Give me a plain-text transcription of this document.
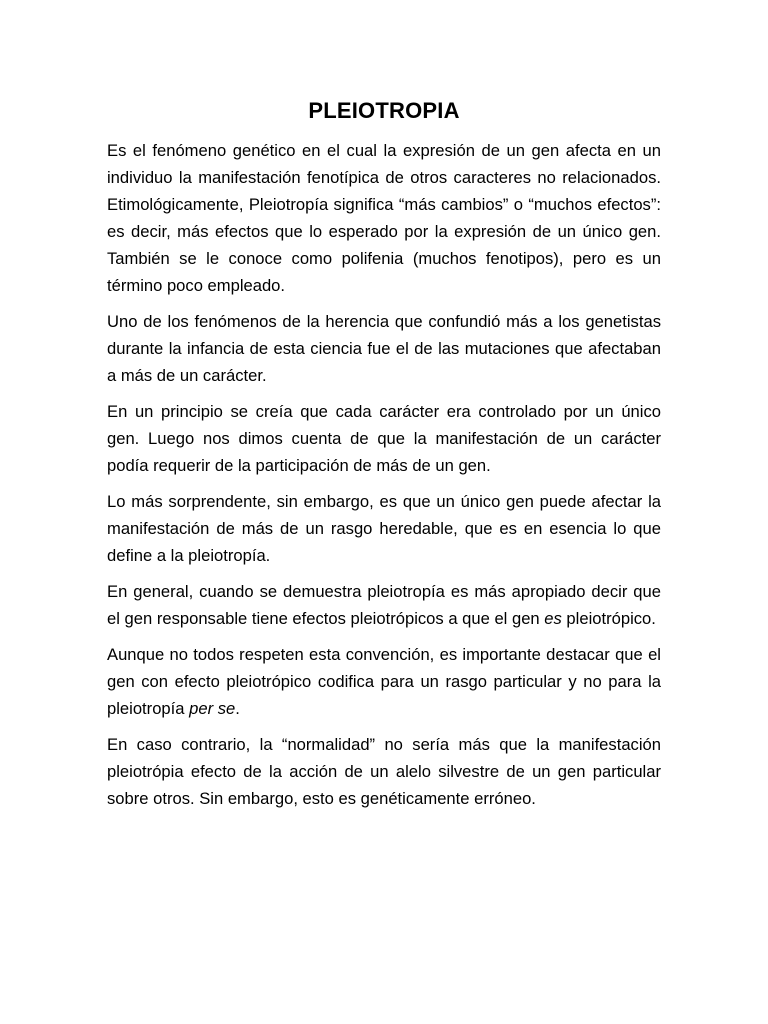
PLEIOTROPIA

Es el fenómeno genético en el cual la expresión de un gen afecta en un individuo la manifestación fenotípica de otros caracteres no relacionados. Etimológicamente, Pleiotropía significa “más cambios” o “muchos efectos”: es decir, más efectos que lo esperado por la expresión de un único gen. También se le conoce como polifenia (muchos fenotipos), pero es un término poco empleado.

Uno de los fenómenos de la herencia que confundió más a los genetistas durante la infancia de esta ciencia fue el de las mutaciones que afectaban a más de un carácter.

En un principio se creía que cada carácter era controlado por un único gen. Luego nos dimos cuenta de que la manifestación de un carácter podía requerir de la participación de más de un gen.

Lo más sorprendente, sin embargo, es que un único gen puede afectar la manifestación de más de un rasgo heredable, que es en esencia lo que define a la pleiotropía.

En general, cuando se demuestra pleiotropía es más apropiado decir que el gen responsable tiene efectos pleiotrópicos a que el gen es pleiotrópico.

Aunque no todos respeten esta convención, es importante destacar que el gen con efecto pleiotrópico codifica para un rasgo particular y no para la pleiotropía per se.

En caso contrario, la “normalidad” no sería más que la manifestación pleiotrópia efecto de la acción de un alelo silvestre de un gen particular sobre otros. Sin embargo, esto es genéticamente erróneo.
